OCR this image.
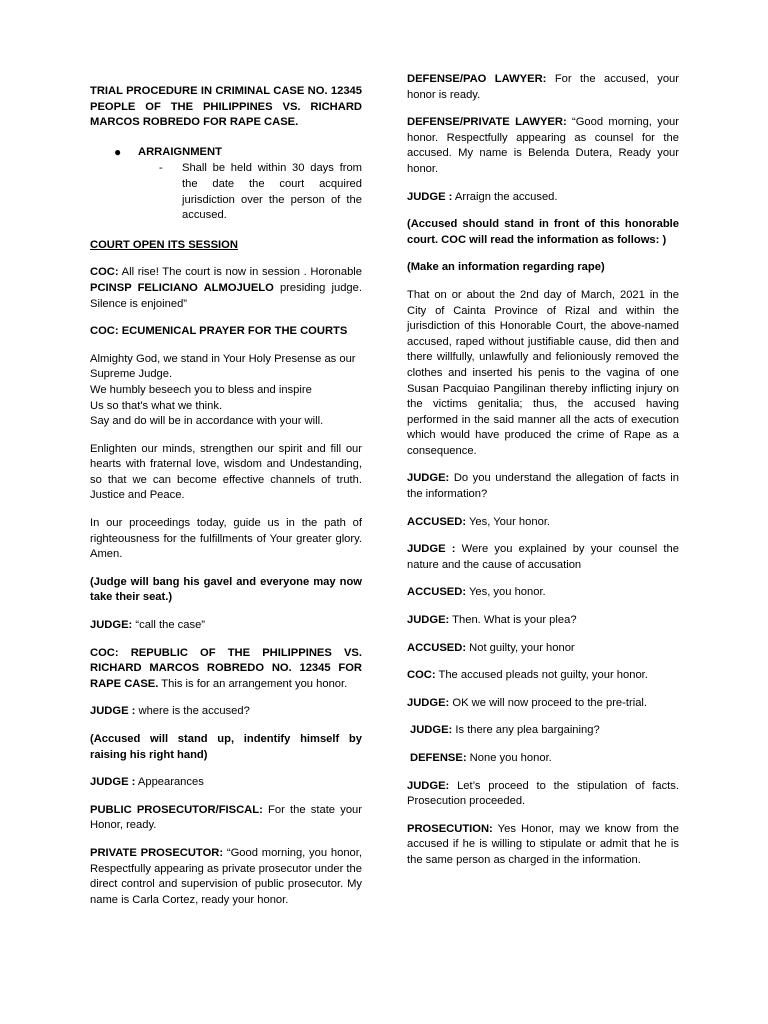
TRIAL PROCEDURE IN CRIMINAL CASE NO. 12345 PEOPLE OF THE PHILIPPINES VS. RICHARD MARCOS ROBREDO FOR RAPE CASE.

● ARRAIGNMENT
- Shall be held within 30 days from the date the court acquired jurisdiction over the person of the accused.

COURT OPEN ITS SESSION

COC: All rise! The court is now in session . Horonable PCINSP FELICIANO ALMOJUELO presiding judge. Silence is enjoined”

COC: ECUMENICAL PRAYER FOR THE COURTS

Almighty God, we stand in Your Holy Presense as our Supreme Judge.
We humbly beseech you to bless and inspire
Us so that's what we think.
Say and do will be in accordance with your will.

Enlighten our minds, strengthen our spirit and fill our hearts with fraternal love, wisdom and Undestanding, so that we can become effective channels of truth. Justice and Peace.

In our proceedings today, guide us in the path of righteousness for the fulfillments of Your greater glory. Amen.

(Judge will bang his gavel and everyone may now take their seat.)

JUDGE: “call the case”

COC: REPUBLIC OF THE PHILIPPINES VS. RICHARD MARCOS ROBREDO NO. 12345 FOR RAPE CASE. This is for an arrangement you honor.

JUDGE : where is the accused?

(Accused will stand up, indentify himself by raising his right hand)

JUDGE : Appearances

PUBLIC PROSECUTOR/FISCAL: For the state your Honor, ready.

PRIVATE PROSECUTOR: “Good morning, you honor, Respectfully appearing as private prosecutor under the direct control and supervision of public prosecutor. My name is Carla Cortez, ready your honor.

DEFENSE/PAO LAWYER: For the accused, your honor is ready.

DEFENSE/PRIVATE LAWYER: “Good morning, your honor. Respectfully appearing as counsel for the accused. My name is Belenda Dutera, Ready your honor.

JUDGE : Arraign the accused.

(Accused should stand in front of this honorable court. COC will read the information as follows: )

(Make an information regarding rape)

That on or about the 2nd day of March, 2021 in the City of Cainta Province of Rizal and within the jurisdiction of this Honorable Court, the above-named accused, raped without justifiable cause, did then and there willfully, unlawfully and felioniously removed the clothes and inserted his penis to the vagina of one Susan Pacquiao Pangilinan thereby inflicting injury on the victims genitalia; thus, the accused having performed in the said manner all the acts of execution which would have produced the crime of Rape as a consequence.

JUDGE: Do you understand the allegation of facts in the information?

ACCUSED: Yes, Your honor.

JUDGE : Were you explained by your counsel the nature and the cause of accusation

ACCUSED: Yes, you honor.

JUDGE: Then. What is your plea?

ACCUSED: Not guilty, your honor

COC: The accused pleads not guilty, your honor.

JUDGE: OK we will now proceed to the pre-trial.

JUDGE: Is there any plea bargaining?

DEFENSE: None you honor.

JUDGE: Let’s proceed to the stipulation of facts. Prosecution proceeded.

PROSECUTION: Yes Honor, may we know from the accused if he is willing to stipulate or admit that he is the same person as charged in the information.
